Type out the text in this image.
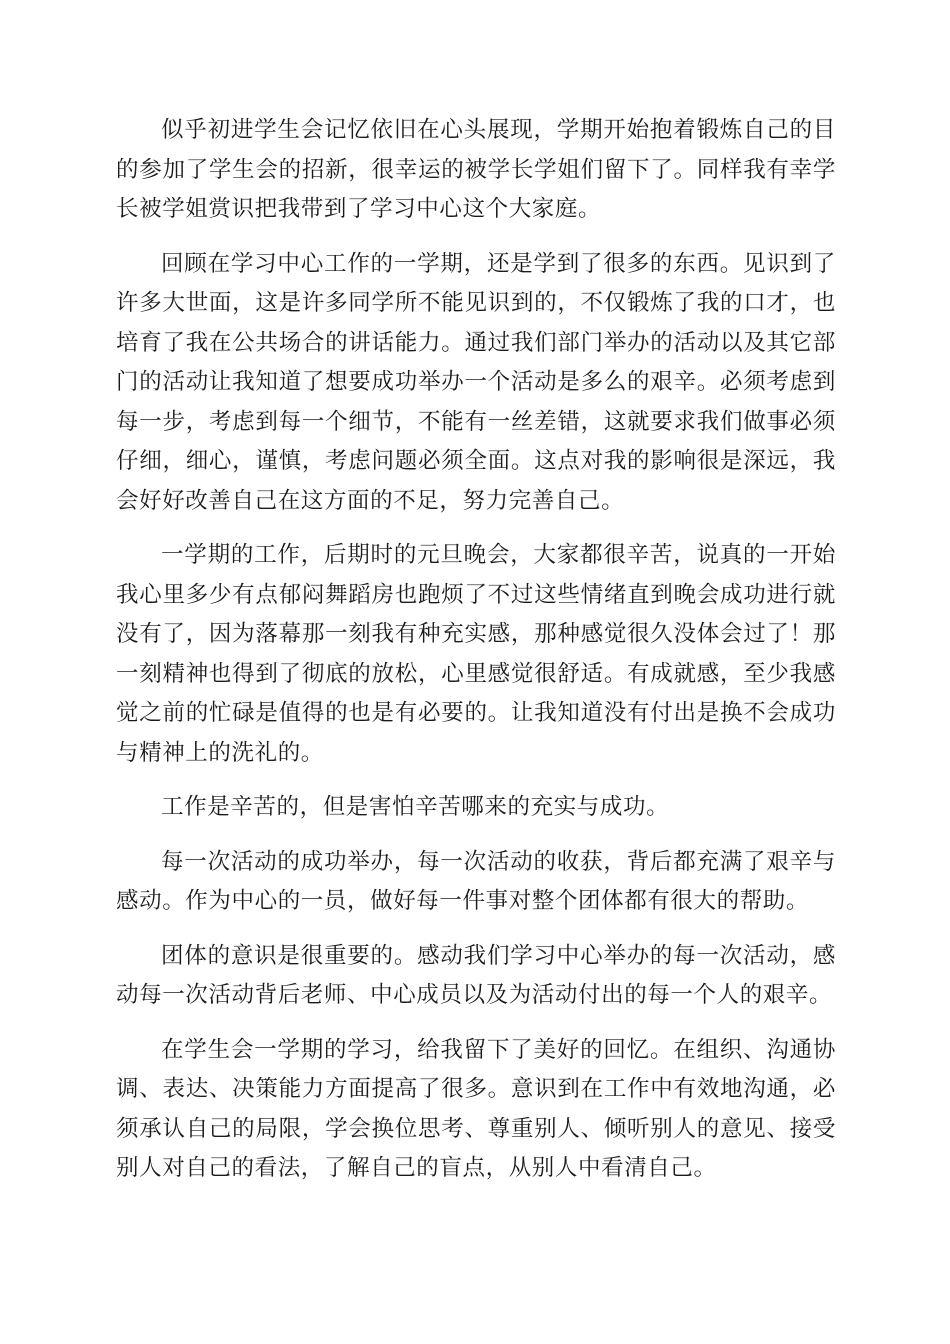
似乎初进学生会记忆依旧在心头展现，学期开始抱着锻炼自己的目的参加了学生会的招新，很幸运的被学长学姐们留下了。同样我有幸学长被学姐赏识把我带到了学习中心这个大家庭。

回顾在学习中心工作的一学期，还是学到了很多的东西。见识到了许多大世面，这是许多同学所不能见识到的，不仅锻炼了我的口才，也培育了我在公共场合的讲话能力。通过我们部门举办的活动以及其它部门的活动让我知道了想要成功举办一个活动是多么的艰辛。必须考虑到每一步，考虑到每一个细节，不能有一丝差错，这就要求我们做事必须仔细，细心，谨慎，考虑问题必须全面。这点对我的影响很是深远，我会好好改善自己在这方面的不足，努力完善自己。

一学期的工作，后期时的元旦晚会，大家都很辛苦，说真的一开始我心里多少有点郁闷舞蹈房也跑烦了不过这些情绪直到晚会成功进行就没有了，因为落幕那一刻我有种充实感，那种感觉很久没体会过了！那一刻精神也得到了彻底的放松，心里感觉很舒适。有成就感，至少我感觉之前的忙碌是值得的也是有必要的。让我知道没有付出是换不会成功与精神上的洗礼的。

工作是辛苦的，但是害怕辛苦哪来的充实与成功。

每一次活动的成功举办，每一次活动的收获，背后都充满了艰辛与感动。作为中心的一员，做好每一件事对整个团体都有很大的帮助。

团体的意识是很重要的。感动我们学习中心举办的每一次活动，感动每一次活动背后老师、中心成员以及为活动付出的每一个人的艰辛。

在学生会一学期的学习，给我留下了美好的回忆。在组织、沟通协调、表达、决策能力方面提高了很多。意识到在工作中有效地沟通，必须承认自己的局限，学会换位思考、尊重别人、倾听别人的意见、接受别人对自己的看法，了解自己的盲点，从别人中看清自己。
